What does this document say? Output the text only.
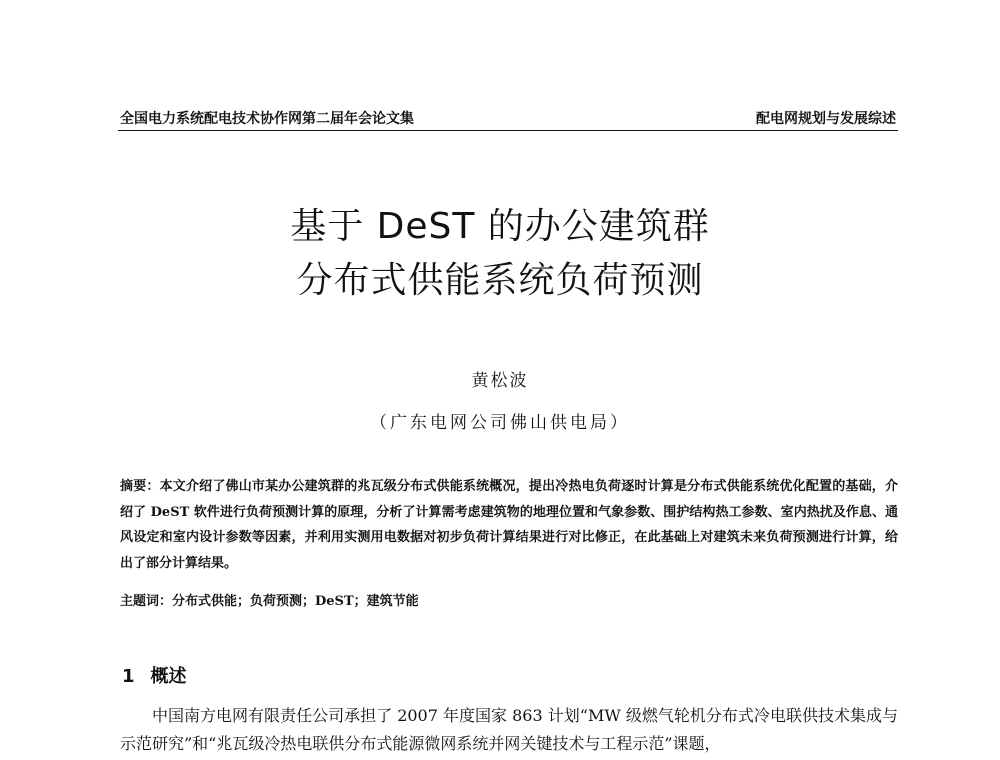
全国电力系统配电技术协作网第二届年会论文集	配电网规划与发展综述
基于 DeST 的办公建筑群
分布式供能系统负荷预测
黄松波
（广东电网公司佛山供电局）
摘要：本文介绍了佛山市某办公建筑群的兆瓦级分布式供能系统概况，提出冷热电负荷逐时计算是分布式供能系统优化配置的基础，介绍了 DeST 软件进行负荷预测计算的原理，分析了计算需考虑建筑物的地理位置和气象参数、围护结构热工参数、室内热扰及作息、通风设定和室内设计参数等因素，并利用实测用电数据对初步负荷计算结果进行对比修正，在此基础上对建筑未来负荷预测进行计算，给出了部分计算结果。
主题词：分布式供能；负荷预测；DeST；建筑节能
1 概述
中国南方电网有限责任公司承担了 2007 年度国家 863 计划“MW 级燃气轮机分布式冷电联供技术集成与示范研究”和“兆瓦级冷热电联供分布式能源微网系统并网关键技术与工程示范”课题，
